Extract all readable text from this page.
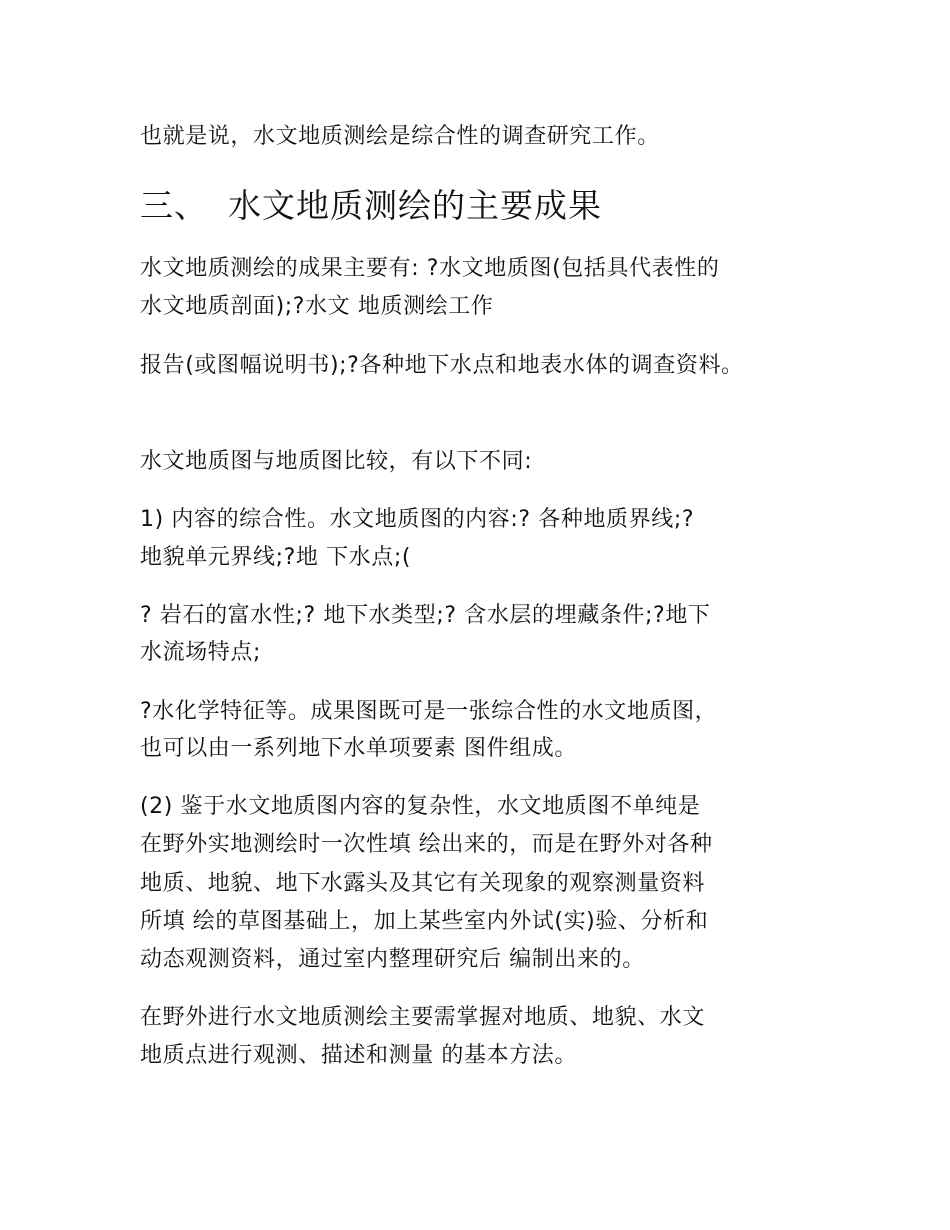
也就是说，水文地质测绘是综合性的调查研究工作。
三、 水文地质测绘的主要成果
水文地质测绘的成果主要有: ?水文地质图(包括具代表性的
水文地质剖面);?水文 地质测绘工作
报告(或图幅说明书);?各种地下水点和地表水体的调查资料。
水文地质图与地质图比较，有以下不同:
1) 内容的综合性。水文地质图的内容:? 各种地质界线;?
地貌单元界线;?地 下水点;(
? 岩石的富水性;? 地下水类型;? 含水层的埋藏条件;?地下
水流场特点;
?水化学特征等。成果图既可是一张综合性的水文地质图，
也可以由一系列地下水单项要素 图件组成。
(2) 鉴于水文地质图内容的复杂性，水文地质图不单纯是
在野外实地测绘时一次性填 绘出来的，而是在野外对各种
地质、地貌、地下水露头及其它有关现象的观察测量资料
所填 绘的草图基础上，加上某些室内外试(实)验、分析和
动态观测资料，通过室内整理研究后 编制出来的。
在野外进行水文地质测绘主要需掌握对地质、地貌、水文
地质点进行观测、描述和测量 的基本方法。
